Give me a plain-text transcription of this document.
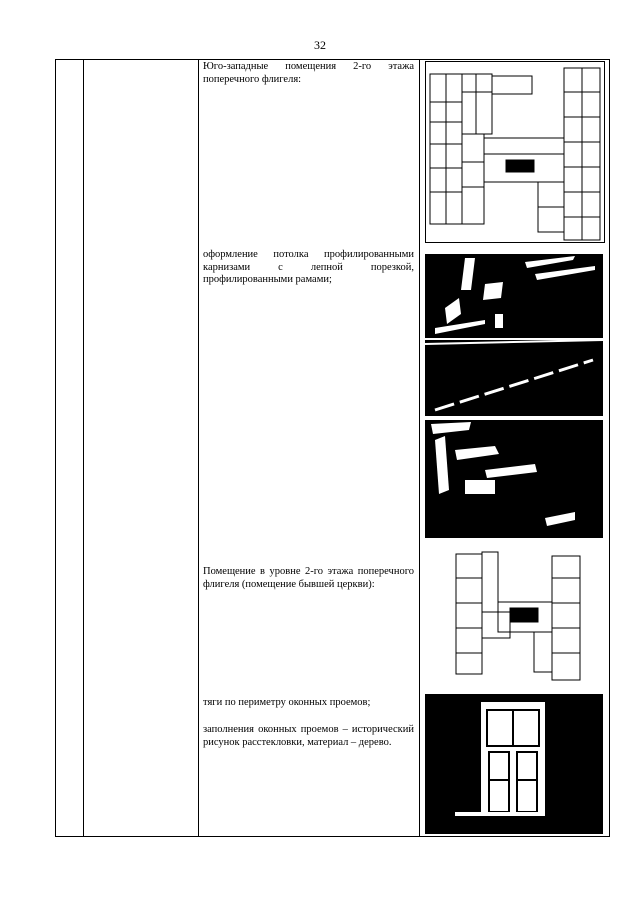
32
Юго-западные помещения 2-го этажа поперечного флигеля:
оформление потолка профилированными карнизами с лепной порезкой, профилированными рамами;
Помещение в уровне 2-го этажа поперечного флигеля (помещение бывшей церкви):
тяги по периметру оконных проемов;
заполнения оконных проемов – исторический рисунок расстекловки, материал – дерево.
